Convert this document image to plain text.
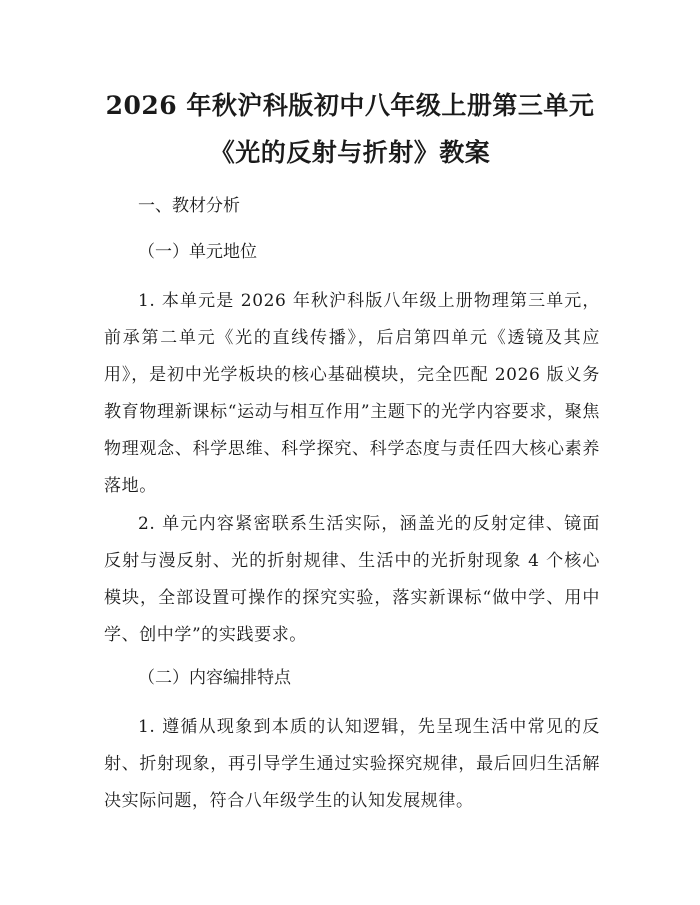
2026 年秋沪科版初中八年级上册第三单元
《光的反射与折射》教案
一、教材分析
（一）单元地位
1. 本单元是 2026 年秋沪科版八年级上册物理第三单元，前承第二单元《光的直线传播》，后启第四单元《透镜及其应用》，是初中光学板块的核心基础模块，完全匹配 2026 版义务教育物理新课标“运动与相互作用”主题下的光学内容要求，聚焦物理观念、科学思维、科学探究、科学态度与责任四大核心素养落地。
2. 单元内容紧密联系生活实际，涵盖光的反射定律、镜面反射与漫反射、光的折射规律、生活中的光折射现象 4 个核心模块，全部设置可操作的探究实验，落实新课标“做中学、用中学、创中学”的实践要求。
（二）内容编排特点
1. 遵循从现象到本质的认知逻辑，先呈现生活中常见的反射、折射现象，再引导学生通过实验探究规律，最后回归生活解决实际问题，符合八年级学生的认知发展规律。
